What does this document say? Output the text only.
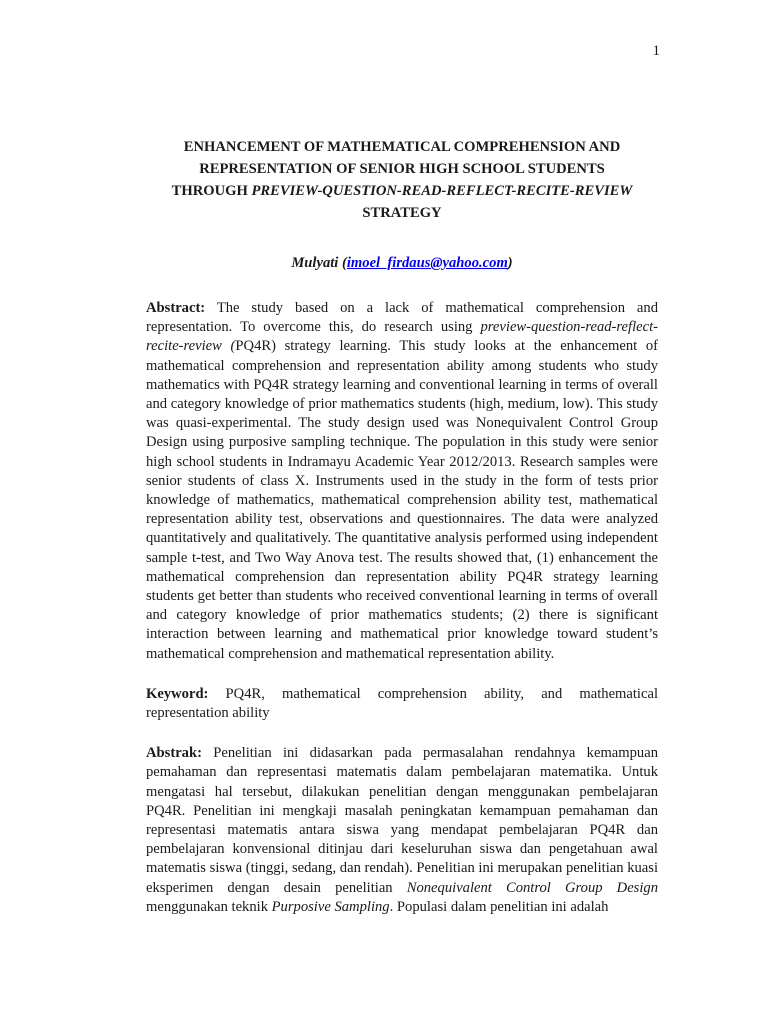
1
ENHANCEMENT OF MATHEMATICAL COMPREHENSION AND
REPRESENTATION OF SENIOR HIGH SCHOOL STUDENTS
THROUGH PREVIEW-QUESTION-READ-REFLECT-RECITE-REVIEW
STRATEGY
Mulyati (imoel_firdaus@yahoo.com)

Abstract: The study based on a lack of mathematical comprehension and representation. To overcome this, do research using preview-question-read-reflect-recite-review (PQ4R) strategy learning. This study looks at the enhancement of mathematical comprehension and representation ability among students who study mathematics with PQ4R strategy learning and conventional learning in terms of overall and category knowledge of prior mathematics students (high, medium, low). This study was quasi-experimental. The study design used was Nonequivalent Control Group Design using purposive sampling technique. The population in this study were senior high school students in Indramayu Academic Year 2012/2013. Research samples were senior students of class X. Instruments used in the study in the form of tests prior knowledge of mathematics, mathematical comprehension ability test, mathematical representation ability test, observations and questionnaires. The data were analyzed quantitatively and qualitatively. The quantitative analysis performed using independent sample t-test, and Two Way Anova test. The results showed that, (1) enhancement the mathematical comprehension dan representation ability PQ4R strategy learning students get better than students who received conventional learning in terms of overall and category knowledge of prior mathematics students; (2) there is significant interaction between learning and mathematical prior knowledge toward student’s mathematical comprehension and mathematical representation ability.

Keyword: PQ4R, mathematical comprehension ability, and mathematical representation ability

Abstrak: Penelitian ini didasarkan pada permasalahan rendahnya kemampuan pemahaman dan representasi matematis dalam pembelajaran matematika. Untuk mengatasi hal tersebut, dilakukan penelitian dengan menggunakan pembelajaran PQ4R. Penelitian ini mengkaji masalah peningkatan kemampuan pemahaman dan representasi matematis antara siswa yang mendapat pembelajaran PQ4R dan pembelajaran konvensional ditinjau dari keseluruhan siswa dan pengetahuan awal matematis siswa (tinggi, sedang, dan rendah). Penelitian ini merupakan penelitian kuasi eksperimen dengan desain penelitian Nonequivalent Control Group Design menggunakan teknik Purposive Sampling. Populasi dalam penelitian ini adalah
